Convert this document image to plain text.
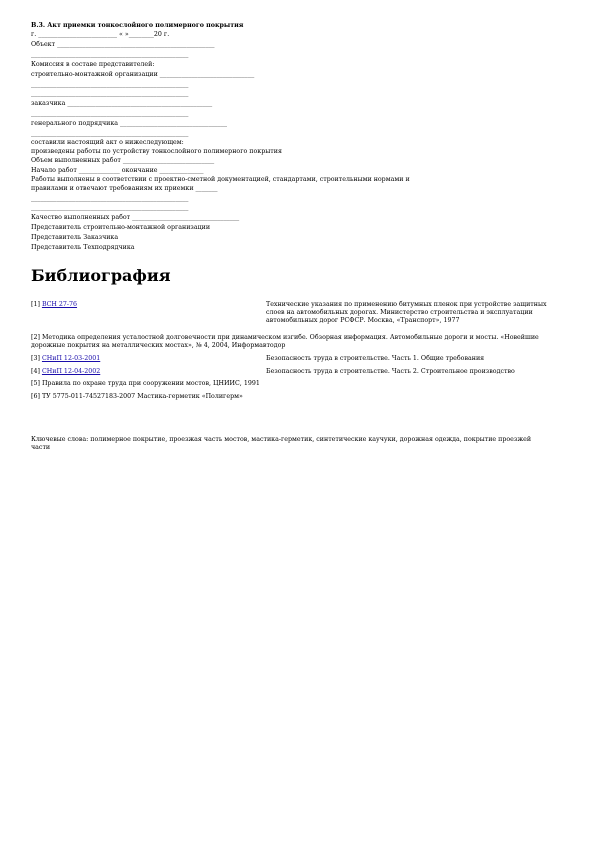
В.3. Акт приемки тонкослойного полимерного покрытия
г. _________________________ « »________20 г.
Объект __________________________________________________
__________________________________________________
Комиссия в составе представителей:
строительно-монтажной организации ______________________________
__________________________________________________
__________________________________________________
заказчика ______________________________________________
__________________________________________________
генерального подрядчика __________________________________
__________________________________________________
составили настоящий акт о нижеследующем:
произведены работы по устройству тонкослойного полимерного покрытия
Объем выполненных работ _____________________________
Начало работ _____________ окончание ______________
Работы выполнены в соответствии с проектно-сметной документацией, стандартами, строительными нормами и
правилами и отвечают требованиям их приемки _______
__________________________________________________
__________________________________________________
Качество выполненных работ __________________________________
Представитель строительно-монтажной организации
Представитель Заказчика
Представитель Техподрядчика
Библиография
[1] ВСН 27-76	Технические указания по применению битумных пленок при устройстве защитных слоев на автомобильных дорогах. Министерство строительства и эксплуатации автомобильных дорог РСФСР. Москва, «Транспорт», 1977
[2] Методика определения усталостной долговечности при динамическом изгибе. Обзорная информация. Автомобильные дороги и мосты. «Новейшие дорожные покрытия на металлических мостах», № 4, 2004, Информавтодор
[3] СНиП 12-03-2001	Безопасность труда в строительстве. Часть 1. Общие требования
[4] СНиП 12-04-2002	Безопасность труда в строительстве. Часть 2. Строительное производство
[5] Правила по охране труда при сооружении мостов, ЦНИИС, 1991
[6] ТУ 5775-011-74527183-2007 Мастика-герметик «Полигерм»
Ключевые слова: полимерное покрытие, проезжая часть мостов, мастика-герметик, синтетические каучуки, дорожная одежда, покрытие проезжей части
